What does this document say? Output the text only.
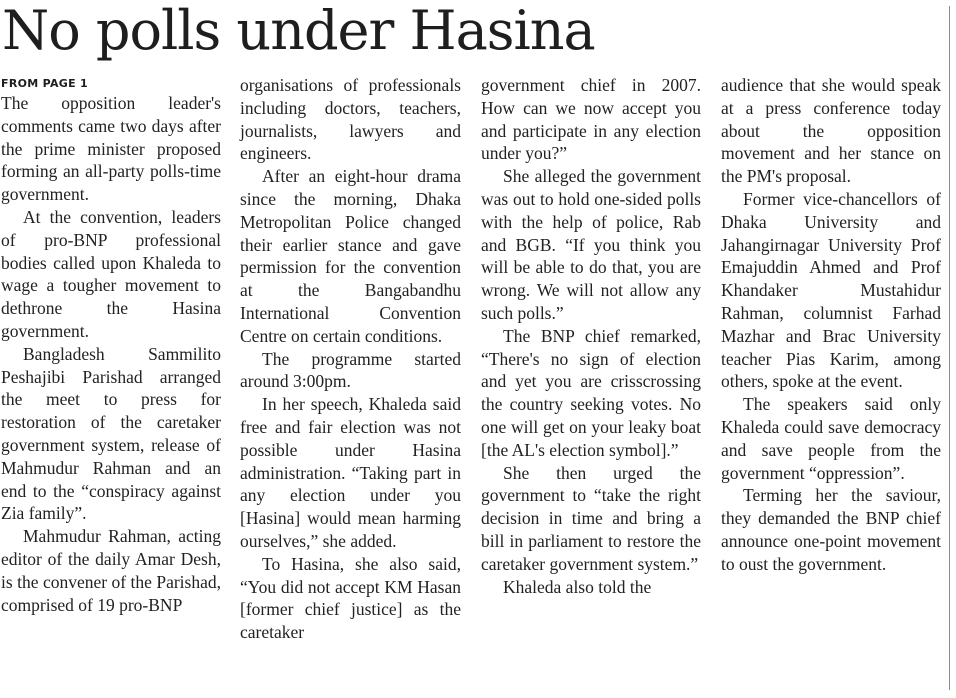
No polls under Hasina
FROM PAGE 1

The opposition leader's comments came two days after the prime minister proposed forming an all-party polls-time government.

At the convention, leaders of pro-BNP professional bodies called upon Khaleda to wage a tougher movement to dethrone the Hasina government.

Bangladesh Sammilito Peshajibi Parishad arranged the meet to press for restoration of the caretaker government system, release of Mahmudur Rahman and an end to the “conspiracy against Zia family”.

Mahmudur Rahman, acting editor of the daily Amar Desh, is the convener of the Parishad, comprised of 19 pro-BNP

organisations of professionals including doctors, teachers, journalists, lawyers and engineers.

After an eight-hour drama since the morning, Dhaka Metropolitan Police changed their earlier stance and gave permission for the convention at the Bangabandhu International Convention Centre on certain conditions.

The programme started around 3:00pm.

In her speech, Khaleda said free and fair election was not possible under Hasina administration. “Taking part in any election under you [Hasina] would mean harming ourselves,” she added.

To Hasina, she also said, “You did not accept KM Hasan [former chief justice] as the caretaker

government chief in 2007. How can we now accept you and participate in any election under you?”

She alleged the government was out to hold one-sided polls with the help of police, Rab and BGB. “If you think you will be able to do that, you are wrong. We will not allow any such polls.”

The BNP chief remarked, “There's no sign of election and yet you are crisscrossing the country seeking votes. No one will get on your leaky boat [the AL's election symbol].”

She then urged the government to “take the right decision in time and bring a bill in parliament to restore the caretaker government system.”

Khaleda also told the

audience that she would speak at a press conference today about the opposition movement and her stance on the PM's proposal.

Former vice-chancellors of Dhaka University and Jahangirnagar University Prof Emajuddin Ahmed and Prof Khandaker Mustahidur Rahman, columnist Farhad Mazhar and Brac University teacher Pias Karim, among others, spoke at the event.

The speakers said only Khaleda could save democracy and save people from the government “oppression”.

Terming her the saviour, they demanded the BNP chief announce one-point movement to oust the government.
